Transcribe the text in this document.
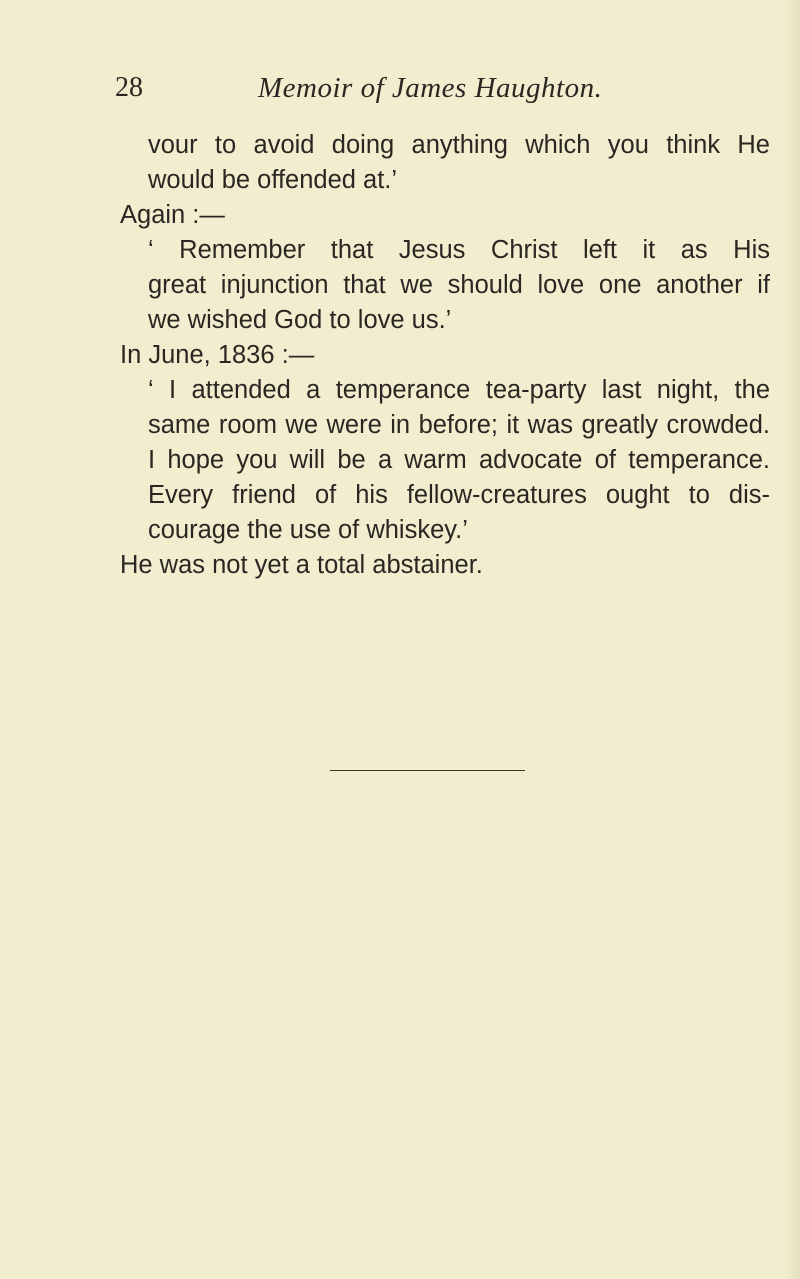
28	Memoir of James Haughton.
vour to avoid doing anything which you think He
would be offended at.’
Again :—
‘ Remember that Jesus Christ left it as His
great injunction that we should love one another if
we wished God to love us.’
In June, 1836 :—
‘ I attended a temperance tea-party last night, the
same room we were in before; it was greatly crowded.
I hope you will be a warm advocate of temperance.
Every friend of his fellow-creatures ought to dis-
courage the use of whiskey.’
He was not yet a total abstainer.
